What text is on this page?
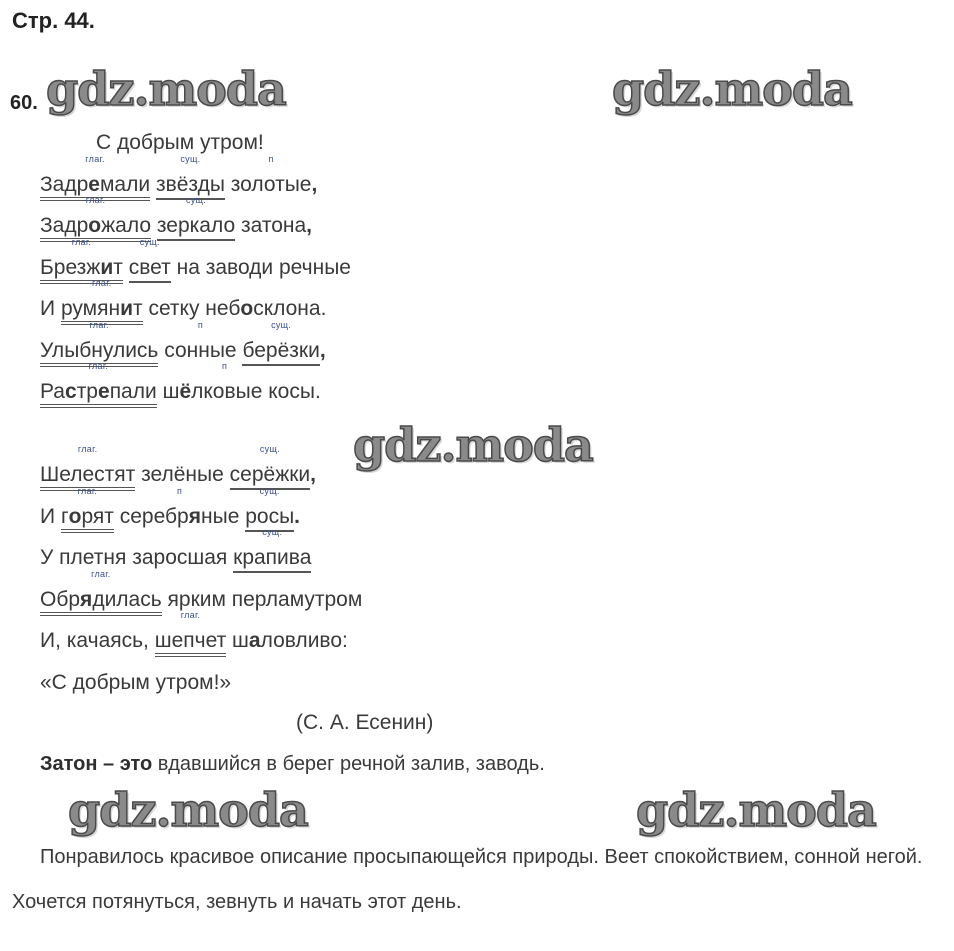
Стр. 44.
60. gdz.moda	gdz.moda
gdz.moda
gdz.moda	gdz.moda
С добрым утром!
глаг.
Задремали
сущ.
звёзды
п
золотые,
глаг.
Задрожало
сущ.
зеркало затона,
глаг.
Брезжит
сущ.
свет на заводи речные
И
глаг.
румянит сетку небосклона.
глаг.
Улыбнулись
п
сонные
сущ.
берёзки,
глаг.
Растрепали
п
шёлковые косы.
глаг.
Шелестят зелёные
сущ.
серёжки,
И
глаг.
горят
п
серебряные
сущ.
росы.
У плетня заросшая
сущ.
крапива
глаг.
Обрядилась ярким перламутром
И, качаясь,
глаг.
шепчет шаловливо:
«С добрым утром!»
(С. А. Есенин)
Затон – это вдавшийся в берег речной залив, заводь.
Понравилось красивое описание просыпающейся природы. Веет спокойствием, сонной негой. Хочется потянуться, зевнуть и начать этот день.
